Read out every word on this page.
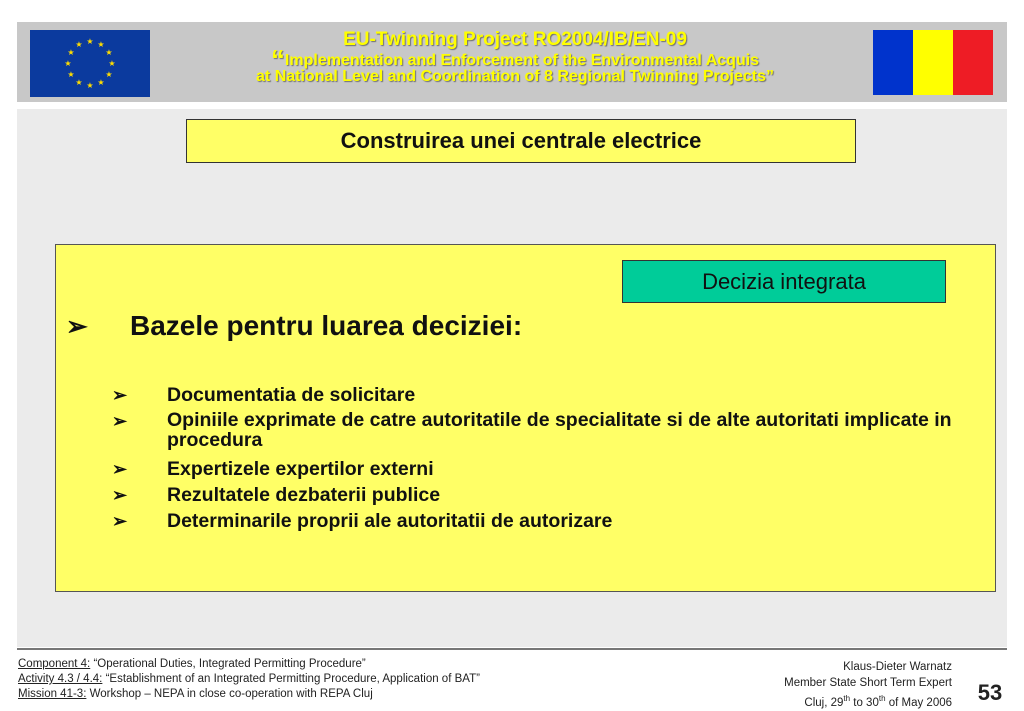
★ ★
★
★
★
★
★
★
★
★
★
★	EU-Twinning Project RO2004/IB/EN-09
“Implementation and Enforcement of the Environmental Acquis
at National Level and Coordination of 8 Regional Twinning Projects”
Construirea unei centrale electrice
Decizia integrata
➢	Bazele pentru luarea deciziei:
➢	Documentatia de solicitare
➢	Opiniile exprimate de catre autoritatile de specialitate si de alte autoritati implicate in procedura
➢	Expertizele expertilor externi
➢	Rezultatele dezbaterii publice
➢	Determinarile proprii ale autoritatii de autorizare
Component 4: “Operational Duties, Integrated Permitting Procedure”
Activity 4.3 / 4.4: “Establishment of an Integrated Permitting Procedure, Application of BAT”
Mission 41-3: Workshop – NEPA in close co-operation with REPA Cluj
Klaus-Dieter Warnatz
Member State Short Term Expert
Cluj, 29th to 30th of May 2006	53
